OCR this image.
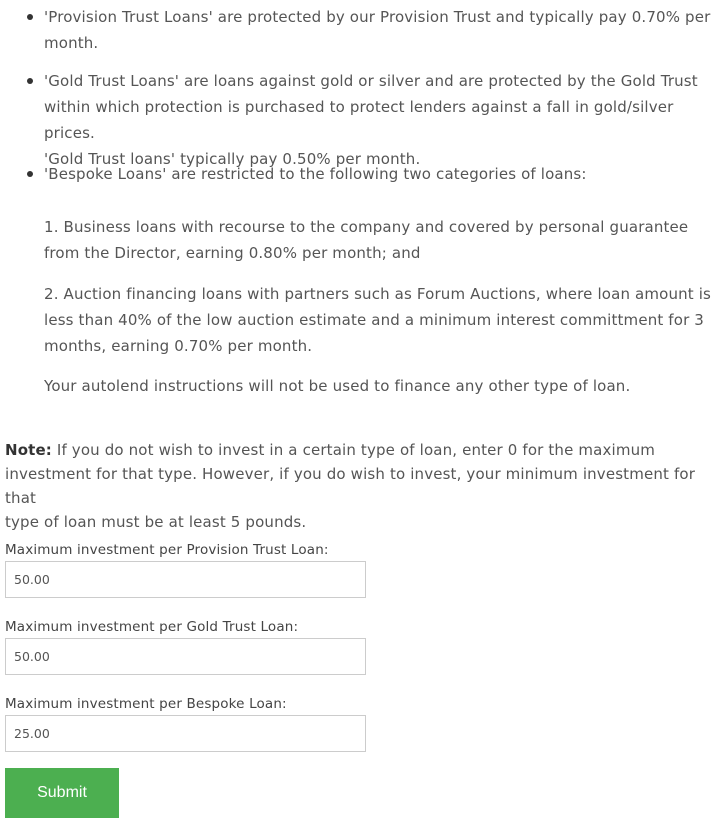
'Provision Trust Loans' are protected by our Provision Trust and typically pay 0.70% per
month.
'Gold Trust Loans' are loans against gold or silver and are protected by the Gold Trust
within which protection is purchased to protect lenders against a fall in gold/silver prices.
'Gold Trust loans' typically pay 0.50% per month.
'Bespoke Loans' are restricted to the following two categories of loans:
1. Business loans with recourse to the company and covered by personal guarantee
from the Director, earning 0.80% per month; and
2. Auction financing loans with partners such as Forum Auctions, where loan amount is
less than 40% of the low auction estimate and a minimum interest committment for 3
months, earning 0.70% per month.
Your autolend instructions will not be used to finance any other type of loan.
Note: If you do not wish to invest in a certain type of loan, enter 0 for the maximum
investment for that type. However, if you do wish to invest, your minimum investment for that
type of loan must be at least 5 pounds.
Maximum investment per Provision Trust Loan:
50.00
Maximum investment per Gold Trust Loan:
50.00
Maximum investment per Bespoke Loan:
25.00
Submit
